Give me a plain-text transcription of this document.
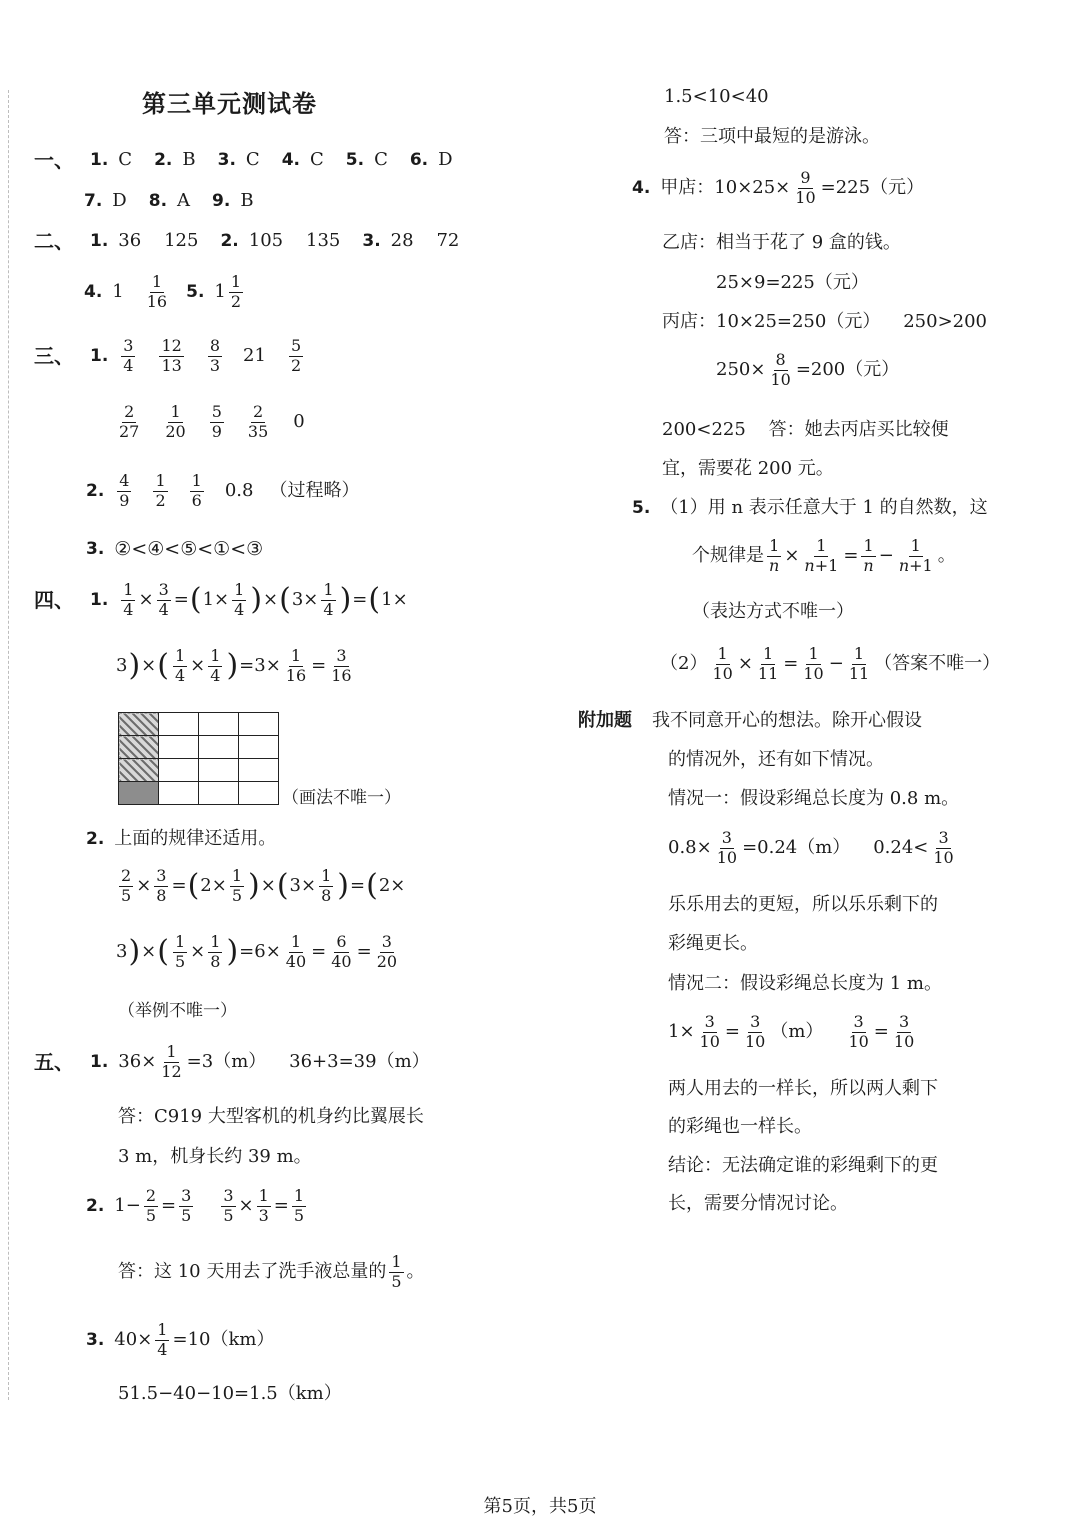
第三单元测试卷
一、 1. C 2. B 3. C 4. C 5. C 6. D
7. D 8. A 9. B
二、 1. 36    125 2. 105    135 3. 28    72
4. $1 \frac{1}{16} 5$. $1 \frac{1}{2}$
三、 1. $\frac{3}{4} \frac{12}{13} \frac{8}{3} 21 \frac{5}{2}$
$\frac{2}{27} \frac{1}{20} \frac{5}{9} \frac{2}{35} 0$
2. $\frac{4}{9} \frac{1}{2} \frac{1}{6} 0.8$ （过程略）
3. ②<④<⑤<①<③
四、 1. $\frac{1}{4} \times \frac{3}{4}$ = ( $1 \times \frac{1}{4}$ ) × ( $3 \times \frac{1}{4}$ ) = ( 1 ×
3 ) × ( $\frac{1}{4} \times \frac{1}{4}$ ) $=3\times \frac{1}{16} = \frac{3}{16}$

（画法不唯一）
2. 上面的规律还适用。
$\frac{2}{5} \times \frac{3}{8}$ = ( $2 \times \frac{1}{5}$ ) × ( $3 \times \frac{1}{8}$ ) = ( 2 ×
3 ) × ( $\frac{1}{5} \times \frac{1}{8}$ ) $=6\times \frac{1}{40} = \frac{6}{40} = \frac{3}{20}$
（举例不唯一）
五、 1. $36\times \frac{1}{12} =3(m)$    36+3=39（m）
答：C919 大型客机的机身约比翼展长
3 m，机身长约 39 m。
2. $1- \frac{2}{5} = \frac{3}{5} \frac{3}{5} \times \frac{1}{3} = \frac{1}{5}$
答：这 10 天用去了洗手液总量的 $\frac{1}{5}$ 。
3. $40\times \frac{1}{4} =10(km)$
51.5−40−10=1.5（km）
1.5<10<40
答：三项中最短的是游泳。
4. 甲店：$10\times 25\times \frac{9}{10} =225$（元）
乙店：相当于花了 9 盒的钱。
25×9=225（元）
丙店：10×25=250（元）    250>200
$250\times \frac{8}{10} =200$（元）
200<225    答：她去丙店买比较便
宜，需要花 200 元。
5. （1）用 n 表示任意大于 1 的自然数，这
个规律是 $\frac{1}{n} \times \frac{1}{n+1} = \frac{1}{n} - \frac{1}{n+1}$ 。
（表达方式不唯一）
$(2) \frac{1}{10} \times \frac{1}{11} = \frac{1}{10} - \frac{1}{11}$ （答案不唯一）
附加题 我不同意开心的想法。除开心假设
的情况外，还有如下情况。
情况一：假设彩绳总长度为 0.8 m。
$0.8\times \frac{3}{10} =0.24(m)$    $0.24< \frac{3}{10}$
乐乐用去的更短，所以乐乐剩下的
彩绳更长。
情况二：假设彩绳总长度为 1 m。
$1\times \frac{3}{10} = \frac{3}{10} (m) \frac{3}{10} = \frac{3}{10}$
两人用去的一样长，所以两人剩下
的彩绳也一样长。
结论：无法确定谁的彩绳剩下的更
长，需要分情况讨论。
第5页，共5页
